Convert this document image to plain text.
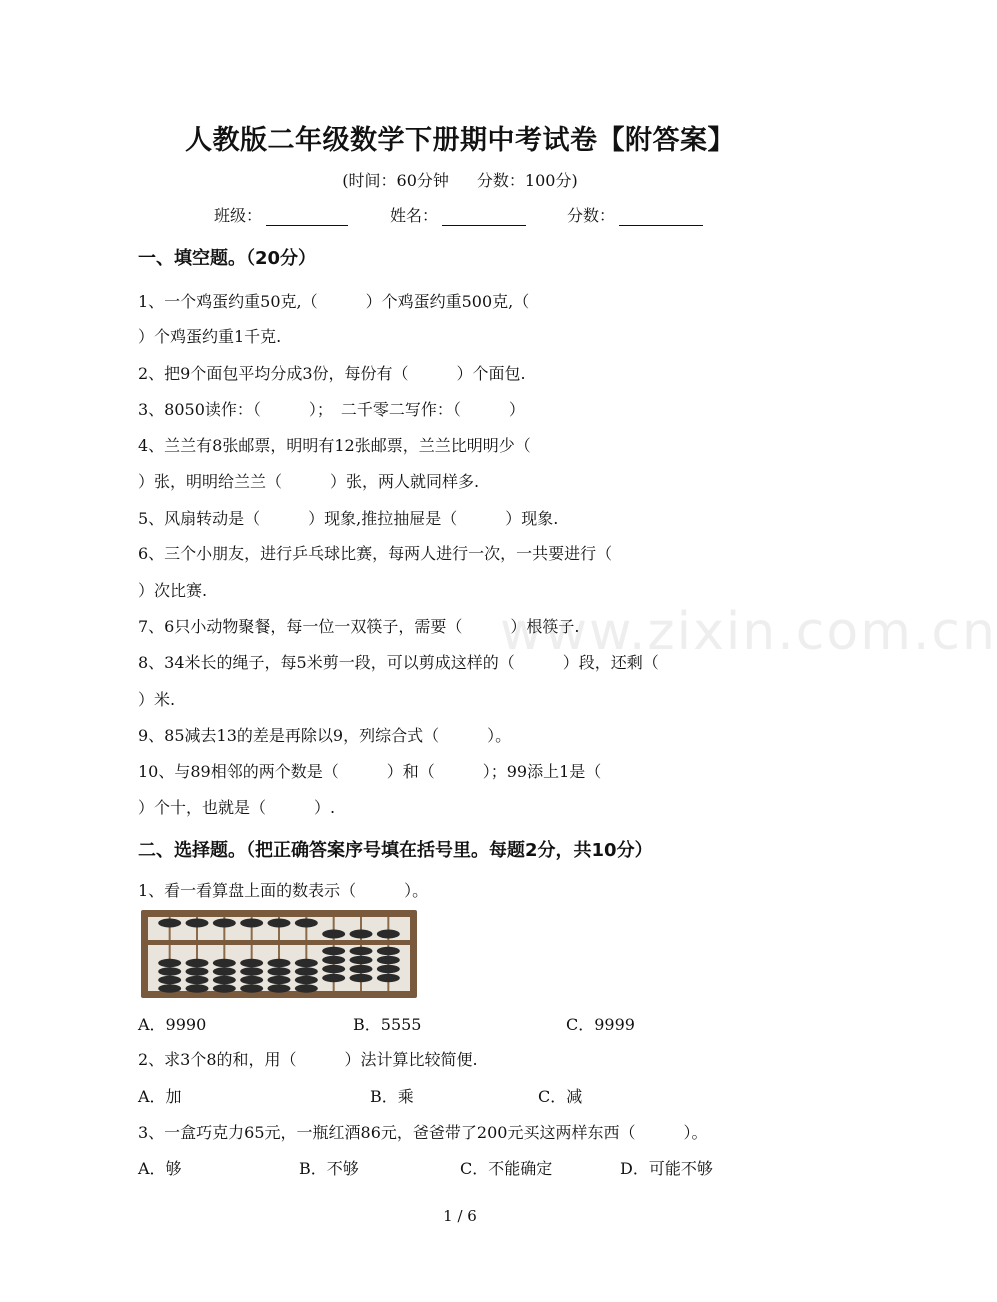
人教版二年级数学下册期中考试卷【附答案】
(时间：60分钟 分数：100分)
班级：	姓名：	分数：
一、填空题。（20分）
1、一个鸡蛋约重50克,（　　　）个鸡蛋约重500克,（
）个鸡蛋约重1千克.
2、把9个面包平均分成3份，每份有（　　　）个面包.
3、8050读作：（　　　）；　二千零二写作：（　　　）
4、兰兰有8张邮票，明明有12张邮票，兰兰比明明少（
）张，明明给兰兰（　　　）张，两人就同样多.
5、风扇转动是（　　　）现象,推拉抽屉是（　　　）现象.
6、三个小朋友，进行乒乓球比赛，每两人进行一次，一共要进行（
）次比赛.
7、6只小动物聚餐，每一位一双筷子，需要（　　　）根筷子.
8、34米长的绳子，每5米剪一段，可以剪成这样的（　　　）段，还剩（
）米.
9、85减去13的差是再除以9，列综合式（　　　）。
10、与89相邻的两个数是（　　　）和（　　　）；99添上1是（
）个十，也就是（　　　）.
二、选择题。（把正确答案序号填在括号里。每题2分，共10分）
1、看一看算盘上面的数表示（　　　）。
A．9990	B．5555	C．9999
2、求3个8的和，用（　　　）法计算比较简便.
A．加	B．乘	C．减
3、一盒巧克力65元，一瓶红酒86元，爸爸带了200元买这两样东西（　　　）。
A．够	B．不够	C．不能确定	D．可能不够
www.zixin.com.cn
1 / 6
